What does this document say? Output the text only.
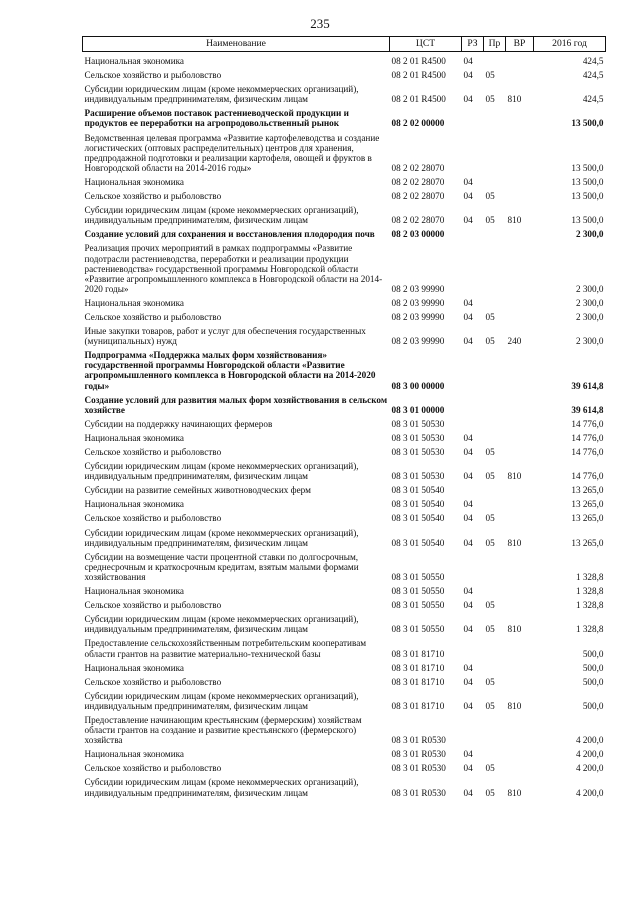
235
Наименование	ЦСТ	РЗ	Пр	ВР	2016 год
Национальная экономика	08 2 01 R4500	04			424,5
Сельское хозяйство и рыболовство	08 2 01 R4500	04	05		424,5
Субсидии юридическим лицам (кроме некоммерческих организаций), индивидуальным предпринимателям, физическим лицам	08 2 01 R4500	04	05	810	424,5
Расширение объемов поставок растениеводческой продукции и продуктов ее переработки на агропродовольственный рынок	08 2 02 00000				13 500,0
Ведомственная целевая программа «Развитие картофелеводства и создание логистических (оптовых распределительных) центров для хранения, предпродажной подготовки и реализации картофеля, овощей и фруктов в Новгородской области на 2014-2016 годы»	08 2 02 28070				13 500,0
Национальная экономика	08 2 02 28070	04			13 500,0
Сельское хозяйство и рыболовство	08 2 02 28070	04	05		13 500,0
Субсидии юридическим лицам (кроме некоммерческих организаций), индивидуальным предпринимателям, физическим лицам	08 2 02 28070	04	05	810	13 500,0
Создание условий для сохранения и восстановления плодородия почв	08 2 03 00000				2 300,0
Реализация прочих мероприятий в рамках подпрограммы «Развитие подотрасли растениеводства, переработки и реализации продукции растениеводства» государственной программы Новгородской области «Развитие агропромышленного комплекса в Новгородской области на 2014-2020 годы»	08 2 03 99990				2 300,0
Национальная экономика	08 2 03 99990	04			2 300,0
Сельское хозяйство и рыболовство	08 2 03 99990	04	05		2 300,0
Иные закупки товаров, работ и услуг для обеспечения государственных (муниципальных) нужд	08 2 03 99990	04	05	240	2 300,0
Подпрограмма «Поддержка малых форм хозяйствования» государственной программы Новгородской области «Развитие агропромышленного комплекса в Новгородской области на 2014-2020 годы»	08 3 00 00000				39 614,8
Создание условий для развития малых форм хозяйствования в сельском хозяйстве	08 3 01 00000				39 614,8
Субсидии на поддержку начинающих фермеров	08 3 01 50530				14 776,0
Национальная экономика	08 3 01 50530	04			14 776,0
Сельское хозяйство и рыболовство	08 3 01 50530	04	05		14 776,0
Субсидии юридическим лицам (кроме некоммерческих организаций), индивидуальным предпринимателям, физическим лицам	08 3 01 50530	04	05	810	14 776,0
Субсидии на развитие семейных животноводческих ферм	08 3 01 50540				13 265,0
Национальная экономика	08 3 01 50540	04			13 265,0
Сельское хозяйство и рыболовство	08 3 01 50540	04	05		13 265,0
Субсидии юридическим лицам (кроме некоммерческих организаций), индивидуальным предпринимателям, физическим лицам	08 3 01 50540	04	05	810	13 265,0
Субсидии на возмещение части процентной ставки по долгосрочным, среднесрочным и краткосрочным кредитам, взятым малыми формами хозяйствования	08 3 01 50550				1 328,8
Национальная экономика	08 3 01 50550	04			1 328,8
Сельское хозяйство и рыболовство	08 3 01 50550	04	05		1 328,8
Субсидии юридическим лицам (кроме некоммерческих организаций), индивидуальным предпринимателям, физическим лицам	08 3 01 50550	04	05	810	1 328,8
Предоставление сельскохозяйственным потребительским кооперативам области грантов на развитие материально-технической базы	08 3 01 81710				500,0
Национальная экономика	08 3 01 81710	04			500,0
Сельское хозяйство и рыболовство	08 3 01 81710	04	05		500,0
Субсидии юридическим лицам (кроме некоммерческих организаций), индивидуальным предпринимателям, физическим лицам	08 3 01 81710	04	05	810	500,0
Предоставление начинающим крестьянским (фермерским) хозяйствам области грантов на создание и развитие крестьянского (фермерского) хозяйства	08 3 01 R0530				4 200,0
Национальная экономика	08 3 01 R0530	04			4 200,0
Сельское хозяйство и рыболовство	08 3 01 R0530	04	05		4 200,0
Субсидии юридическим лицам (кроме некоммерческих организаций), индивидуальным предпринимателям, физическим лицам	08 3 01 R0530	04	05	810	4 200,0
